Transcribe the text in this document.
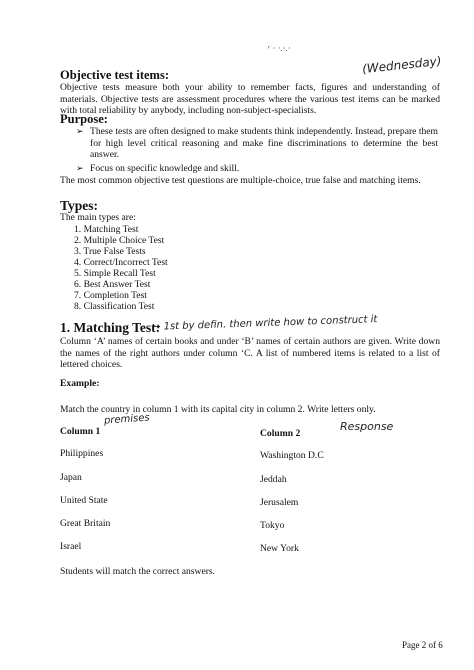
ʳ · ·.·.·
(Wednesday)
Objective test items:
Objective tests measure both your ability to remember facts, figures and understanding of materials. Objective tests are assessment procedures where the various test items can be marked with total reliability by anybody, including non-subject-specialists.
Purpose:
➢ These tests are often designed to make students think independently. Instead, prepare them for high level critical reasoning and make fine discriminations to determine the best answer.
➢ Focus on specific knowledge and skill.
The most common objective test questions are multiple-choice, true false and matching items.
Types:
The main types are:
1. Matching Test
2. Multiple Choice Test
3. True False Tests
4. Correct/Incorrect Test
5. Simple Recall Test
6. Best Answer Test
7. Completion Test
8. Classification Test
1. Matching Test:
→ 1st by defin. then write how to construct it
Column ‘A’ names of certain books and under ‘B’ names of certain authors are given. Write down the names of the right authors under column ‘C. A list of numbered items is related to a list of lettered choices.
Example:
Match the country in column 1 with its capital city in column 2. Write letters only.
premises	Response
Column 1	Column 2
Philippines	Washington D.C
Japan	Jeddah
United State	Jerusalem
Great Britain	Tokyo
Israel	New York
Students will match the correct answers.
Page 2 of 6
